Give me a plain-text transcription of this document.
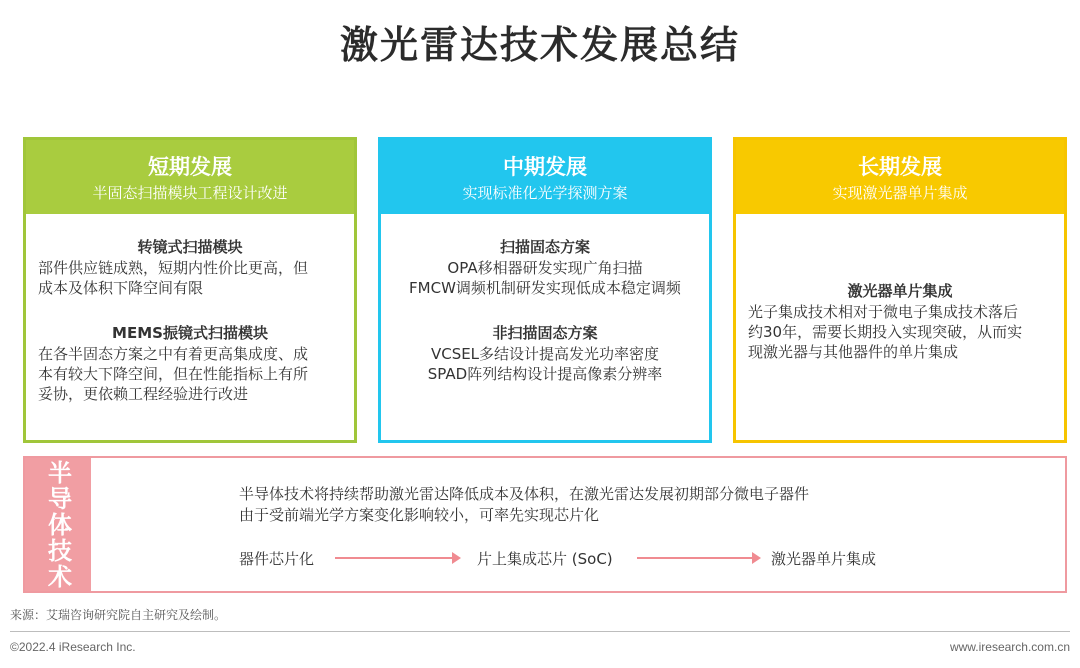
激光雷达技术发展总结
短期发展
半固态扫描模块工程设计改进
转镜式扫描模块
部件供应链成熟，短期内性价比更高，但
成本及体积下降空间有限
MEMS振镜式扫描模块
在各半固态方案之中有着更高集成度、成
本有较大下降空间，但在性能指标上有所
妥协，更依赖工程经验进行改进
中期发展
实现标准化光学探测方案
扫描固态方案
OPA移相器研发实现广角扫描
FMCW调频机制研发实现低成本稳定调频
非扫描固态方案
VCSEL多结设计提高发光功率密度
SPAD阵列结构设计提高像素分辨率
长期发展
实现激光器单片集成
激光器单片集成
光子集成技术相对于微电子集成技术落后
约30年，需要长期投入实现突破，从而实
现激光器与其他器件的单片集成
半导体技术	半导体技术将持续帮助激光雷达降低成本及体积，在激光雷达发展初期部分微电子器件
由于受前端光学方案变化影响较小，可率先实现芯片化
器件芯片化	片上集成芯片 (SoC)	激光器单片集成
来源：艾瑞咨询研究院自主研究及绘制。
©2022.4 iResearch Inc.	www.iresearch.com.cn
